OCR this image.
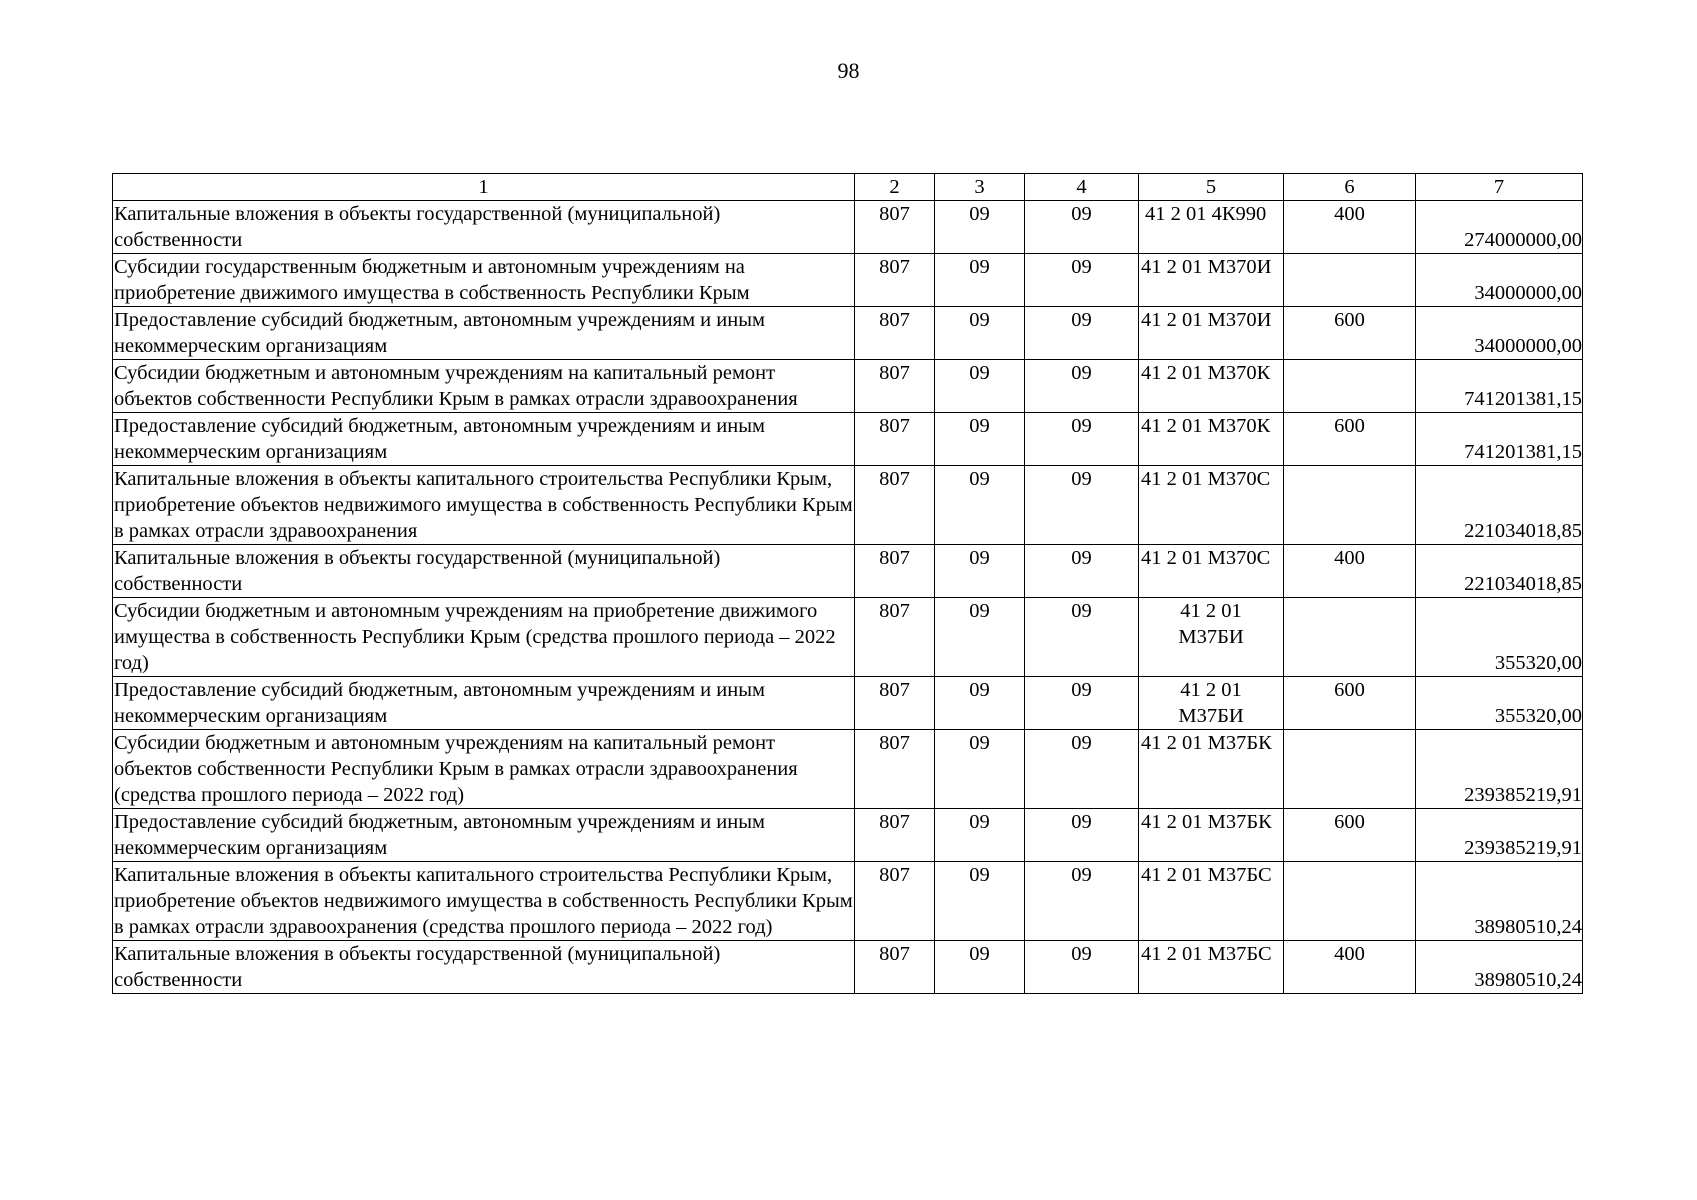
98
1	2	3	4	5	6	7
Капитальные вложения в объекты государственной (муниципальной) собственности	807	09	09	41 2 01 4К990	400	274000000,00
Субсидии государственным бюджетным и автономным учреждениям на приобретение движимого имущества в собственность Республики Крым	807	09	09	41 2 01 М370И		34000000,00
Предоставление субсидий бюджетным, автономным учреждениям и иным некоммерческим организациям	807	09	09	41 2 01 М370И	600	34000000,00
Субсидии бюджетным и автономным учреждениям на капитальный ремонт объектов собственности Республики Крым в рамках отрасли здравоохранения	807	09	09	41 2 01 М370К		741201381,15
Предоставление субсидий бюджетным, автономным учреждениям и иным некоммерческим организациям	807	09	09	41 2 01 М370К	600	741201381,15
Капитальные вложения в объекты капитального строительства Республики Крым, приобретение объектов недвижимого имущества в собственность Республики Крым в рамках отрасли здравоохранения	807	09	09	41 2 01 М370С		221034018,85
Капитальные вложения в объекты государственной (муниципальной) собственности	807	09	09	41 2 01 М370С	400	221034018,85
Субсидии бюджетным и автономным учреждениям на приобретение движимого имущества в собственность Республики Крым (средства прошлого периода – 2022 год)	807	09	09	41 2 01 М37БИ		355320,00
Предоставление субсидий бюджетным, автономным учреждениям и иным некоммерческим организациям	807	09	09	41 2 01 М37БИ	600	355320,00
Субсидии бюджетным и автономным учреждениям на капитальный ремонт объектов собственности Республики Крым в рамках отрасли здравоохранения (средства прошлого периода – 2022 год)	807	09	09	41 2 01 М37БК		239385219,91
Предоставление субсидий бюджетным, автономным учреждениям и иным некоммерческим организациям	807	09	09	41 2 01 М37БК	600	239385219,91
Капитальные вложения в объекты капитального строительства Республики Крым, приобретение объектов недвижимого имущества в собственность Республики Крым в рамках отрасли здравоохранения (средства прошлого периода – 2022 год)	807	09	09	41 2 01 М37БС		38980510,24
Капитальные вложения в объекты государственной (муниципальной) собственности	807	09	09	41 2 01 М37БС	400	38980510,24
